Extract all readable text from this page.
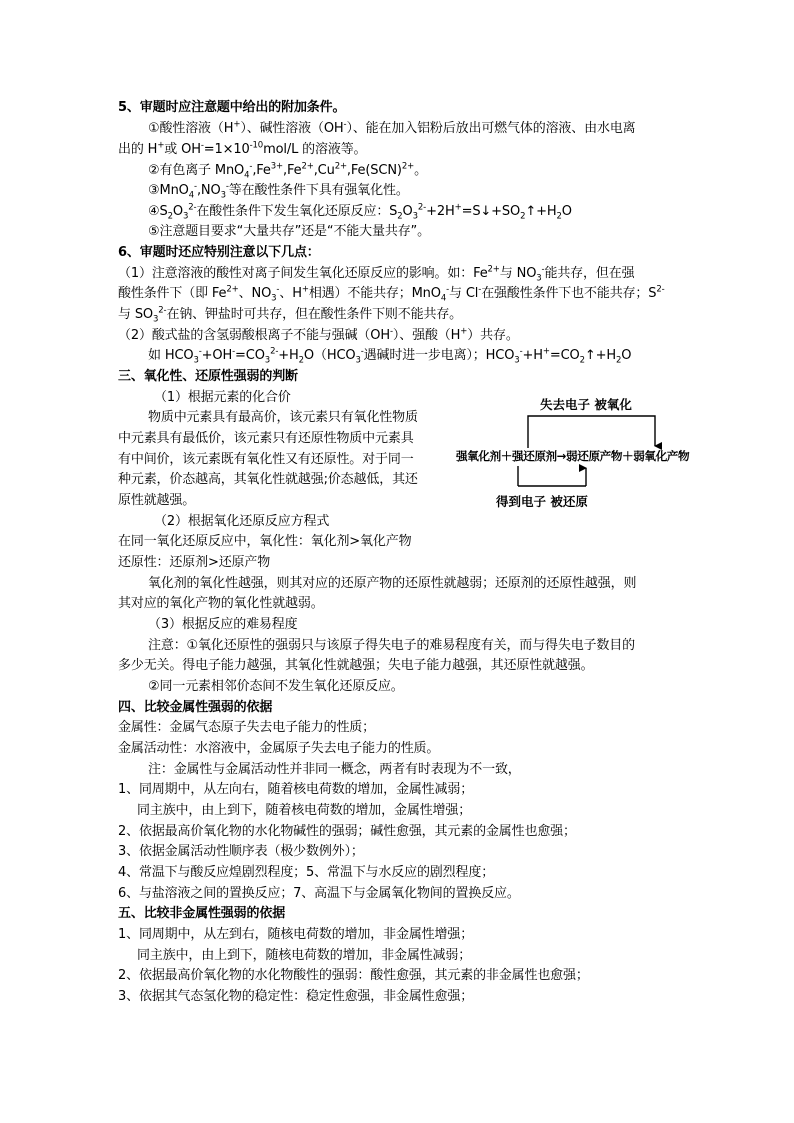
5、审题时应注意题中给出的附加条件。
①酸性溶液（H+）、碱性溶液（OH-）、能在加入铝粉后放出可燃气体的溶液、由水电离
出的 H+或 $OH^-=1\times 10^{-10}mol/L$ 的溶液等。
②有色离子 $MnO_4^-,Fe^{3+},Fe^{2+},Cu^{2+},Fe(SCN)^{2+}$。
$③MnO_4^-,NO_3^-$等在酸性条件下具有强氧化性。
$④S_2O_3^{2-}$在酸性条件下发生氧化还原反应：$S_2O_3^{2-}+2H^+=S↓+SO_2↑+H_2O$
⑤注意题目要求“大量共存”还是“不能大量共存”。
6、审题时还应特别注意以下几点：
（1）注意溶液的酸性对离子间发生氧化还原反应的影响。如：$Fe^{2+}$与 $NO_3^-$能共存，但在强
酸性条件下（即 $Fe^{2+}$、$NO_3^-$、H+相遇）不能共存；MnO$_4$-与 Cl-在强酸性条件下也不能共存；$S^{2-}$
与 $SO_3^{2-}$在钠、钾盐时可共存，但在酸性条件下则不能共存。
（2）酸式盐的含氢弱酸根离子不能与强碱（OH-）、强酸（H+）共存。
如 $HCO_3^-+OH^-=CO_3^{2-}+H_2O(HCO_3^-$遇碱时进一步电离）；$HCO_3^-+H^+=CO_2↑+H_2O$
三、氧化性、还原性强弱的判断
（1）根据元素的化合价
物质中元素具有最高价，该元素只有氧化性物质
中元素具有最低价，该元素只有还原性物质中元素具
有中间价，该元素既有氧化性又有还原性。对于同一
种元素，价态越高，其氧化性就越强;价态越低，其还
原性就越强。
（2）根据氧化还原反应方程式
在同一氧化还原反应中，氧化性：氧化剂>氧化产物
还原性：还原剂>还原产物
氧化剂的氧化性越强，则其对应的还原产物的还原性就越弱；还原剂的还原性越强，则
其对应的氧化产物的氧化性就越弱。
（3）根据反应的难易程度
注意：①氧化还原性的强弱只与该原子得失电子的难易程度有关，而与得失电子数目的
多少无关。得电子能力越强，其氧化性就越强；失电子能力越强，其还原性就越强。
②同一元素相邻价态间不发生氧化还原反应。
四、比较金属性强弱的依据
金属性：金属气态原子失去电子能力的性质；
金属活动性：水溶液中，金属原子失去电子能力的性质。
注：金属性与金属活动性并非同一概念，两者有时表现为不一致，
1、同周期中，从左向右，随着核电荷数的增加，金属性减弱；
同主族中，由上到下，随着核电荷数的增加，金属性增强；
2、依据最高价氧化物的水化物碱性的强弱；碱性愈强，其元素的金属性也愈强；
3、依据金属活动性顺序表（极少数例外）；
4、常温下与酸反应煌剧烈程度；5、常温下与水反应的剧烈程度；
6、与盐溶液之间的置换反应；7、高温下与金属氧化物间的置换反应。
五、比较非金属性强弱的依据
1、同周期中，从左到右，随核电荷数的增加，非金属性增强；
同主族中，由上到下，随核电荷数的增加，非金属性减弱；
2、依据最高价氧化物的水化物酸性的强弱：酸性愈强，其元素的非金属性也愈强；
3、依据其气态氢化物的稳定性：稳定性愈强，非金属性愈强；
失去电子 被氧化
强氧化剂＋强还原剂→弱还原产物＋弱氧化产物
得到电子 被还原
